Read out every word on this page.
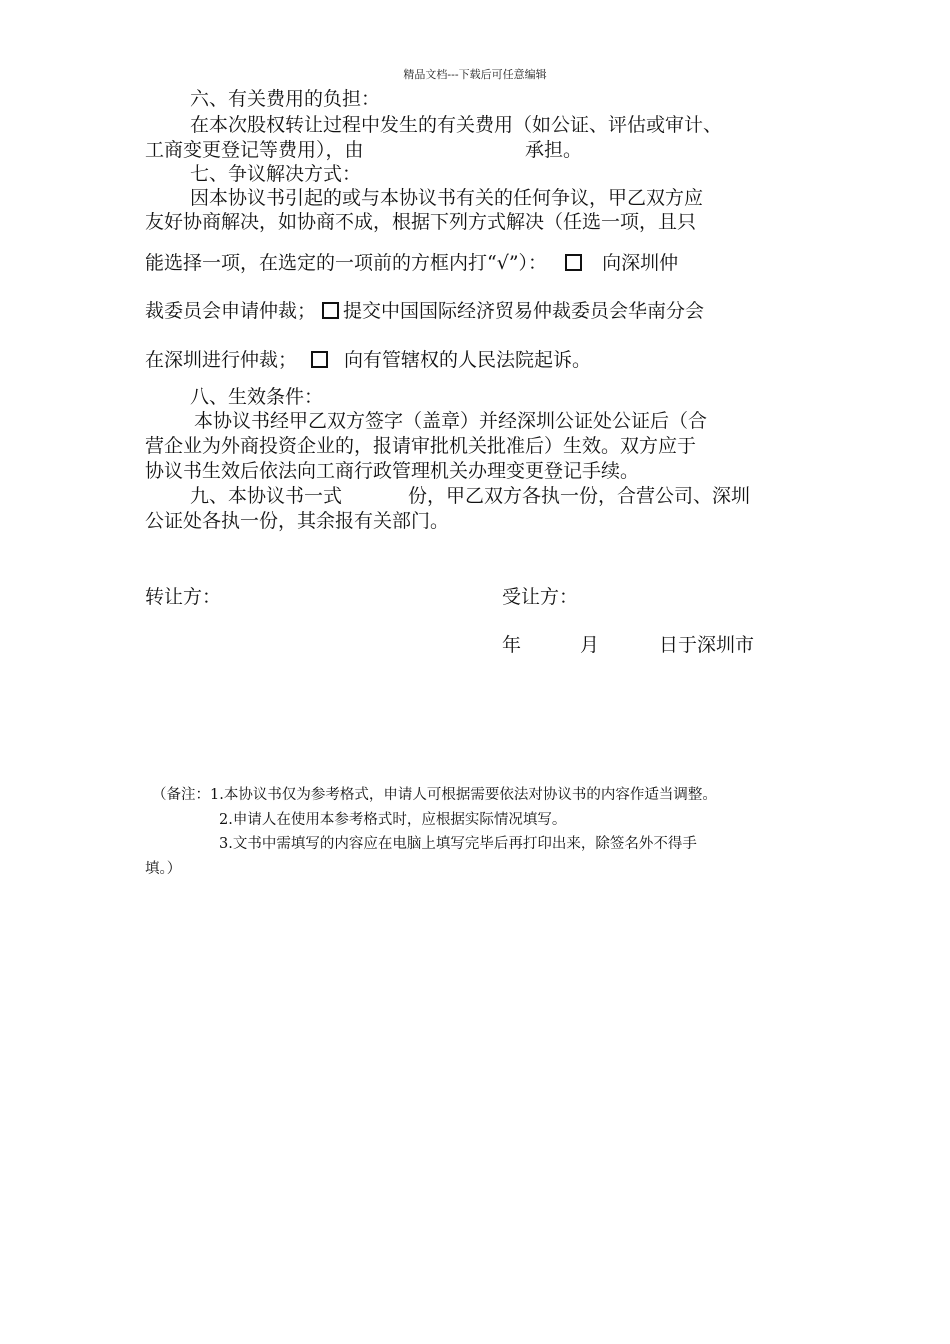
精品文档---下载后可任意编辑
六、有关费用的负担：
在本次股权转让过程中发生的有关费用（如公证、评估或审计、
工商变更登记等费用），由	承担。
七、争议解决方式：
因本协议书引起的或与本协议书有关的任何争议，甲乙双方应
友好协商解决，如协商不成，根据下列方式解决（任选一项，且只
能选择一项，在选定的一项前的方框内打“√”）：	向深圳仲
裁委员会申请仲裁； 提交中国国际经济贸易仲裁委员会华南分会
在深圳进行仲裁； 向有管辖权的人民法院起诉。
八、生效条件：
本协议书经甲乙双方签字（盖章）并经深圳公证处公证后（合
营企业为外商投资企业的，报请审批机关批准后）生效。双方应于
协议书生效后依法向工商行政管理机关办理变更登记手续。
九、本协议书一式	份，甲乙双方各执一份，合营公司、深圳
公证处各执一份，其余报有关部门。
转让方：	受让方：
年	月	日于深圳市
（备注：1.本协议书仅为参考格式，申请人可根据需要依法对协议书的内容作适当调整。
2.申请人在使用本参考格式时，应根据实际情况填写。
3.文书中需填写的内容应在电脑上填写完毕后再打印出来，除签名外不得手
填。）
